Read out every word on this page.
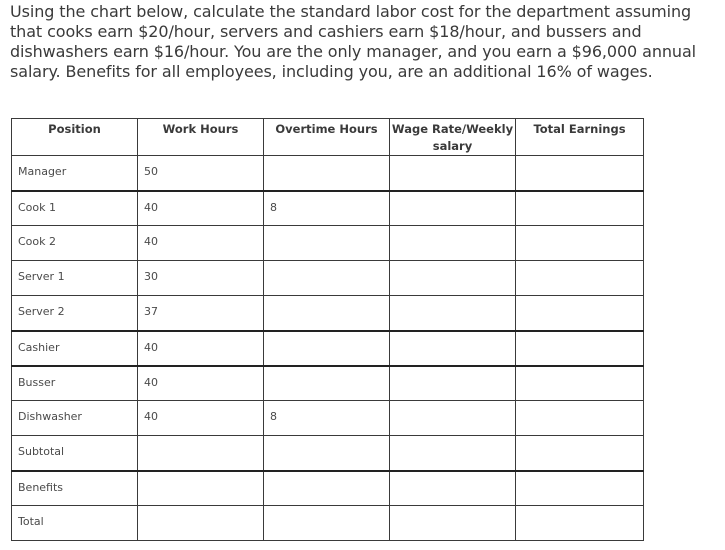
Using the chart below, calculate the standard labor cost for the department assuming that cooks earn $20/hour, servers and cashiers earn $18/hour, and bussers and dishwashers earn $16/hour. You are the only manager, and you earn a $96,000 annual salary. Benefits for all employees, including you, are an additional 16% of wages.

Position	Work Hours	Overtime Hours	Wage Rate/Weekly salary	Total Earnings
Manager	50			
Cook 1	40	8		
Cook 2	40			
Server 1	30			
Server 2	37			
Cashier	40			
Busser	40			
Dishwasher	40	8		
Subtotal				
Benefits				
Total				
